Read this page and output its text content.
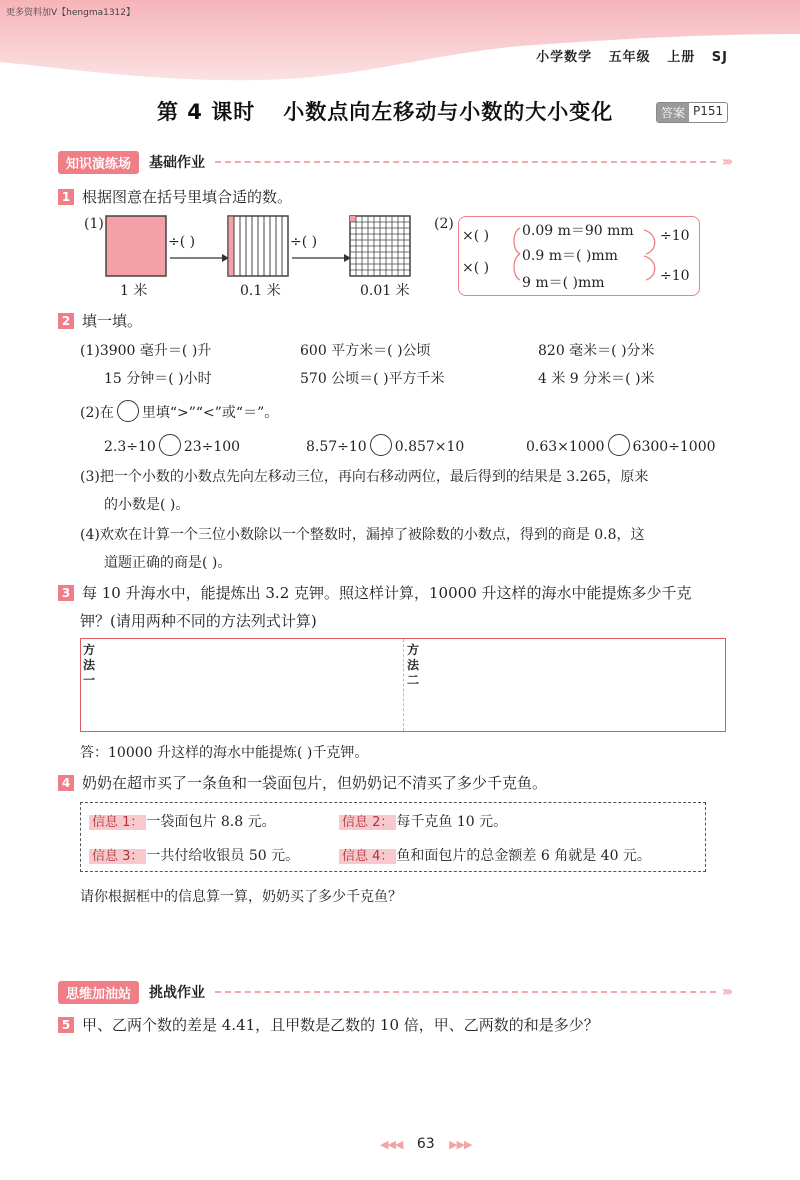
更多资料加V【hengma1312】
小学数学   五年级   上册   SJ
第 4 课时 小数点向左移动与小数的大小变化	答案 P151
知识演练场	基础作业	›››
1 根据图意在括号里填合适的数。
(1)
÷( )	÷( )
1 米	0.1 米	0.01 米
(2)
×( )
×( )
0.09 m＝90 mm
0.9 m＝( )mm
9 m＝( )mm
÷10
÷10
2 填一填。
(1)3900 毫升＝( )升	600 平方米＝( )公顷	820 毫米＝( )分米
15 分钟＝( )小时	570 公顷＝( )平方千米	4 米 9 分米＝( )米
(2)在 里填“>”“<”或“＝”。
2.3÷10 23÷100	8.57÷10 0.857×10	0.63×1000 6300÷1000
(3)把一个小数的小数点先向左移动三位，再向右移动两位，最后得到的结果是 3.265，原来
的小数是( )。
(4)欢欢在计算一个三位小数除以一个整数时，漏掉了被除数的小数点，得到的商是 0.8，这
道题正确的商是( )。
3 每 10 升海水中，能提炼出 3.2 克钾。照这样计算，10000 升这样的海水中能提炼多少千克
钾？(请用两种不同的方法列式计算)
方法一
方法二
答：10000 升这样的海水中能提炼( )千克钾。
4 奶奶在超市买了一条鱼和一袋面包片，但奶奶记不清买了多少千克鱼。
信息 1： 一袋面包片 8.8 元。	信息 2： 每千克鱼 10 元。
信息 3： 一共付给收银员 50 元。	信息 4： 鱼和面包片的总金额差 6 角就是 40 元。
请你根据框中的信息算一算，奶奶买了多少千克鱼？
思维加油站	挑战作业	›››
5 甲、乙两个数的差是 4.41，且甲数是乙数的 10 倍，甲、乙两数的和是多少？
◀◀◀ 63 ▶▶▶
